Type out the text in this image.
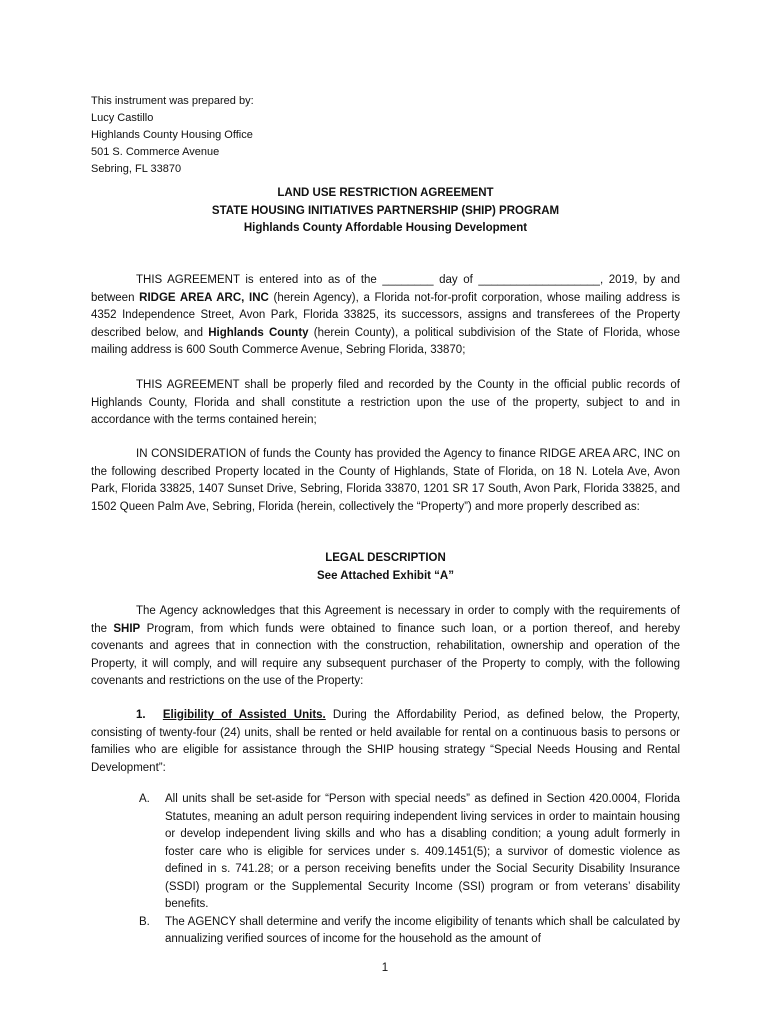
This instrument was prepared by:
Lucy Castillo
Highlands County Housing Office
501 S. Commerce Avenue
Sebring, FL 33870
LAND USE RESTRICTION AGREEMENT
STATE HOUSING INITIATIVES PARTNERSHIP (SHIP) PROGRAM
Highlands County Affordable Housing Development
THIS AGREEMENT is entered into as of the ________ day of ___________________, 2019, by and between RIDGE AREA ARC, INC (herein Agency), a Florida not-for-profit corporation, whose mailing address is 4352 Independence Street, Avon Park, Florida 33825, its successors, assigns and transferees of the Property described below, and Highlands County (herein County), a political subdivision of the State of Florida, whose mailing address is 600 South Commerce Avenue, Sebring Florida, 33870;
THIS AGREEMENT shall be properly filed and recorded by the County in the official public records of Highlands County, Florida and shall constitute a restriction upon the use of the property, subject to and in accordance with the terms contained herein;
IN CONSIDERATION of funds the County has provided the Agency to finance RIDGE AREA ARC, INC on the following described Property located in the County of Highlands, State of Florida, on 18 N. Lotela Ave, Avon Park, Florida 33825, 1407 Sunset Drive, Sebring, Florida 33870, 1201 SR 17 South, Avon Park, Florida 33825, and 1502 Queen Palm Ave, Sebring, Florida (herein, collectively the “Property”) and more properly described as:
LEGAL DESCRIPTION
See Attached Exhibit “A”
The Agency acknowledges that this Agreement is necessary in order to comply with the requirements of the SHIP Program, from which funds were obtained to finance such loan, or a portion thereof, and hereby covenants and agrees that in connection with the construction, rehabilitation, ownership and operation of the Property, it will comply, and will require any subsequent purchaser of the Property to comply, with the following covenants and restrictions on the use of the Property:
1.   Eligibility of Assisted Units. During the Affordability Period, as defined below, the Property, consisting of twenty-four (24) units, shall be rented or held available for rental on a continuous basis to persons or families who are eligible for assistance through the SHIP housing strategy “Special Needs Housing and Rental Development”:
A.	All units shall be set-aside for “Person with special needs” as defined in Section 420.0004, Florida Statutes, meaning an adult person requiring independent living services in order to maintain housing or develop independent living skills and who has a disabling condition; a young adult formerly in foster care who is eligible for services under s. 409.1451(5); a survivor of domestic violence as defined in s. 741.28; or a person receiving benefits under the Social Security Disability Insurance (SSDI) program or the Supplemental Security Income (SSI) program or from veterans’ disability benefits.
B.	The AGENCY shall determine and verify the income eligibility of tenants which shall be calculated by annualizing verified sources of income for the household as the amount of
1
